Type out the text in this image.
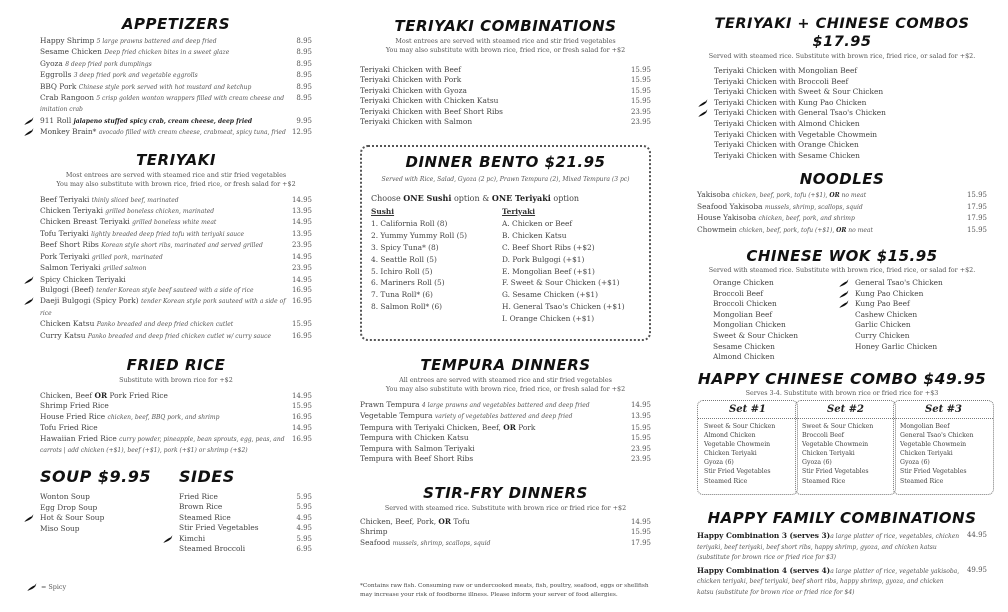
APPETIZERS
Happy Shrimp 5 large prawns battered and deep fried	8.95
Sesame Chicken Deep fried chicken bites in a sweet glaze	8.95
Gyoza 8 deep fried pork dumplings	8.95
Eggrolls 3 deep fried pork and vegetable eggrolls	8.95
BBQ Pork Chinese style pork served with hot mustard and ketchup	8.95
Crab Rangoon 5 crisp golden wonton wrappers filled with cream cheese and imitation crab
8.95
911 Roll jalapeno stuffed spicy crab, cream cheese, deep fried	9.95
Monkey Brain* avocado filled with cream cheese, crabmeat, spicy tuna, fried 12.95
TERIYAKI
Most entrees are served with steamed rice and stir fried vegetables
You may also substitute with brown rice, fried rice, or fresh salad for +$2
Beef Teriyaki thinly sliced beef, marinated	14.95
Chicken Teriyaki grilled boneless chicken, marinated	13.95
Chicken Breast Teriyaki grilled boneless white meat	14.95
Tofu Teriyaki lightly breaded deep fried tofu with teriyaki sauce	13.95
Beef Short Ribs Korean style short ribs, marinated and served grilled	23.95
Pork Teriyaki grilled pork, marinated	14.95
Salmon Teriyaki grilled salmon	23.95
Spicy Chicken Teriyaki	14.95
Bulgogi (Beef) tender Korean style beef sauteed with a side of rice	16.95
Daeji Bulgogi (Spicy Pork) tender Korean style pork sauteed with a side of rice
16.95
Chicken Katsu Panko breaded and deep fried chicken cutlet	15.95
Curry Katsu Panko breaded and deep fried chicken cutlet w/ curry sauce	16.95
FRIED RICE
Substitute with brown rice for +$2
Chicken, Beef OR Pork Fried Rice	14.95
Shrimp Fried Rice	15.95
House Fried Rice chicken, beef, BBQ pork, and shrimp	16.95
Tofu Fried Rice	14.95
Hawaiian Fried Rice curry powder, pineapple, bean sprouts, egg, peas, and carrots | add chicken (+$1), beef (+$1), pork (+$1) or shrimp (+$2)
16.95
SOUP $9.95
Wonton Soup
Egg Drop Soup
Hot & Sour Soup
Miso Soup
SIDES
Fried Rice	5.95
Brown Rice	5.95
Steamed Rice	4.95
Stir Fried Vegetables	4.95
Kimchi	5.95
Steamed Broccoli	6.95
= Spicy
TERIYAKI COMBINATIONS
Most entrees are served with steamed rice and stir fried vegetables
You may also substitute with brown rice, fried rice, or fresh salad for +$2
Teriyaki Chicken with Beef	15.95
Teriyaki Chicken with Pork	15.95
Teriyaki Chicken with Gyoza	15.95
Teriyaki Chicken with Chicken Katsu	15.95
Teriyaki Chicken with Beef Short Ribs	23.95
Teriyaki Chicken with Salmon	23.95
DINNER BENTO $21.95
Served with Rice, Salad, Gyoza (2 pc), Prawn Tempura (2), Mixed Tempura (3 pc)
Choose ONE Sushi option & ONE Teriyaki option
Sushi
1. California Roll (8)
2. Yummy Yummy Roll (5)
3. Spicy Tuna* (8)
4. Seattle Roll (5)
5. Ichiro Roll (5)
6. Mariners Roll (5)
7. Tuna Roll* (6)
8. Salmon Roll* (6)
Teriyaki
A. Chicken or Beef
B. Chicken Katsu
C. Beef Short Ribs (+$2)
D. Pork Bulgogi (+$1)
E. Mongolian Beef (+$1)
F. Sweet & Sour Chicken (+$1)
G. Sesame Chicken (+$1)
H. General Tsao's Chicken (+$1)
I. Orange Chicken (+$1)
TEMPURA DINNERS
All entrees are served with steamed rice and stir fried vegetables
You may also substitute with brown rice, fried rice, or fresh salad for +$2
Prawn Tempura 4 large prawns and vegetables battered and deep fried	14.95
Vegetable Tempura variety of vegetables battered and deep fried	13.95
Tempura with Teriyaki Chicken, Beef, OR Pork	15.95
Tempura with Chicken Katsu	15.95
Tempura with Salmon Teriyaki	23.95
Tempura with Beef Short Ribs	23.95
STIR-FRY DINNERS
Served with steamed rice. Substitute with brown rice or fried rice for +$2
Chicken, Beef, Pork, OR Tofu	14.95
Shrimp	15.95
Seafood mussels, shrimp, scallops, squid	17.95
*Contains raw fish. Consuming raw or undercooked meats, fish, poultry, seafood, eggs or shellfish may increase your risk of foodborne illness. Please inform your server of food allergies.
TERIYAKI + CHINESE COMBOS $17.95
Served with steamed rice. Substitute with brown rice, fried rice, or salad for +$2.
Teriyaki Chicken with Mongolian Beef
Teriyaki Chicken with Broccoli Beef
Teriyaki Chicken with Sweet & Sour Chicken
Teriyaki Chicken with Kung Pao Chicken
Teriyaki Chicken with General Tsao's Chicken
Teriyaki Chicken with Almond Chicken
Teriyaki Chicken with Vegetable Chowmein
Teriyaki Chicken with Orange Chicken
Teriyaki Chicken with Sesame Chicken
NOODLES
Yakisoba chicken, beef, pork, tofu (+$1), OR no meat	15.95
Seafood Yakisoba mussels, shrimp, scallops, squid	17.95
House Yakisoba chicken, beef, pork, and shrimp	17.95
Chowmein chicken, beef, pork, tofu (+$1), OR no meat	15.95
CHINESE WOK $15.95
Served with steamed rice. Substitute with brown rice, fried rice, or salad for +$2.
Orange Chicken
Broccoli Beef
Broccoli Chicken
Mongolian Beef
Mongolian Chicken
Sweet & Sour Chicken
Sesame Chicken
Almond Chicken
General Tsao's Chicken
Kung Pao Chicken
Kung Pao Beef
Cashew Chicken
Garlic Chicken
Curry Chicken
Honey Garlic Chicken
HAPPY CHINESE COMBO $49.95
Serves 3-4. Substitute with brown rice or fried rice for +$3
Set #1
Sweet & Sour Chicken
Almond Chicken
Vegetable Chowmein
Chicken Teriyaki
Gyoza (6)
Stir Fried Vegetables
Steamed Rice
Set #2
Sweet & Sour Chicken
Broccoli Beef
Vegetable Chowmein
Chicken Teriyaki
Gyoza (6)
Stir Fried Vegetables
Steamed Rice
Set #3
Mongolian Beef
General Tsao's Chicken
Vegetable Chowmein
Chicken Teriyaki
Gyoza (6)
Stir Fried Vegetables
Steamed Rice
HAPPY FAMILY COMBINATIONS
Happy Combination 3 (serves 3)a large platter of rice, vegetables, chicken teriyaki, beef teriyaki, beef short ribs, happy shrimp, gyoza, and chicken katsu (substitute for brown rice or fried rice for $3)
44.95
Happy Combination 4 (serves 4)a large platter of rice, vegetable yakisoba, chicken teriyaki, beef teriyaki, beef short ribs, happy shrimp, gyoza, and chicken katsu (substitute for brown rice or fried rice for $4)
49.95
